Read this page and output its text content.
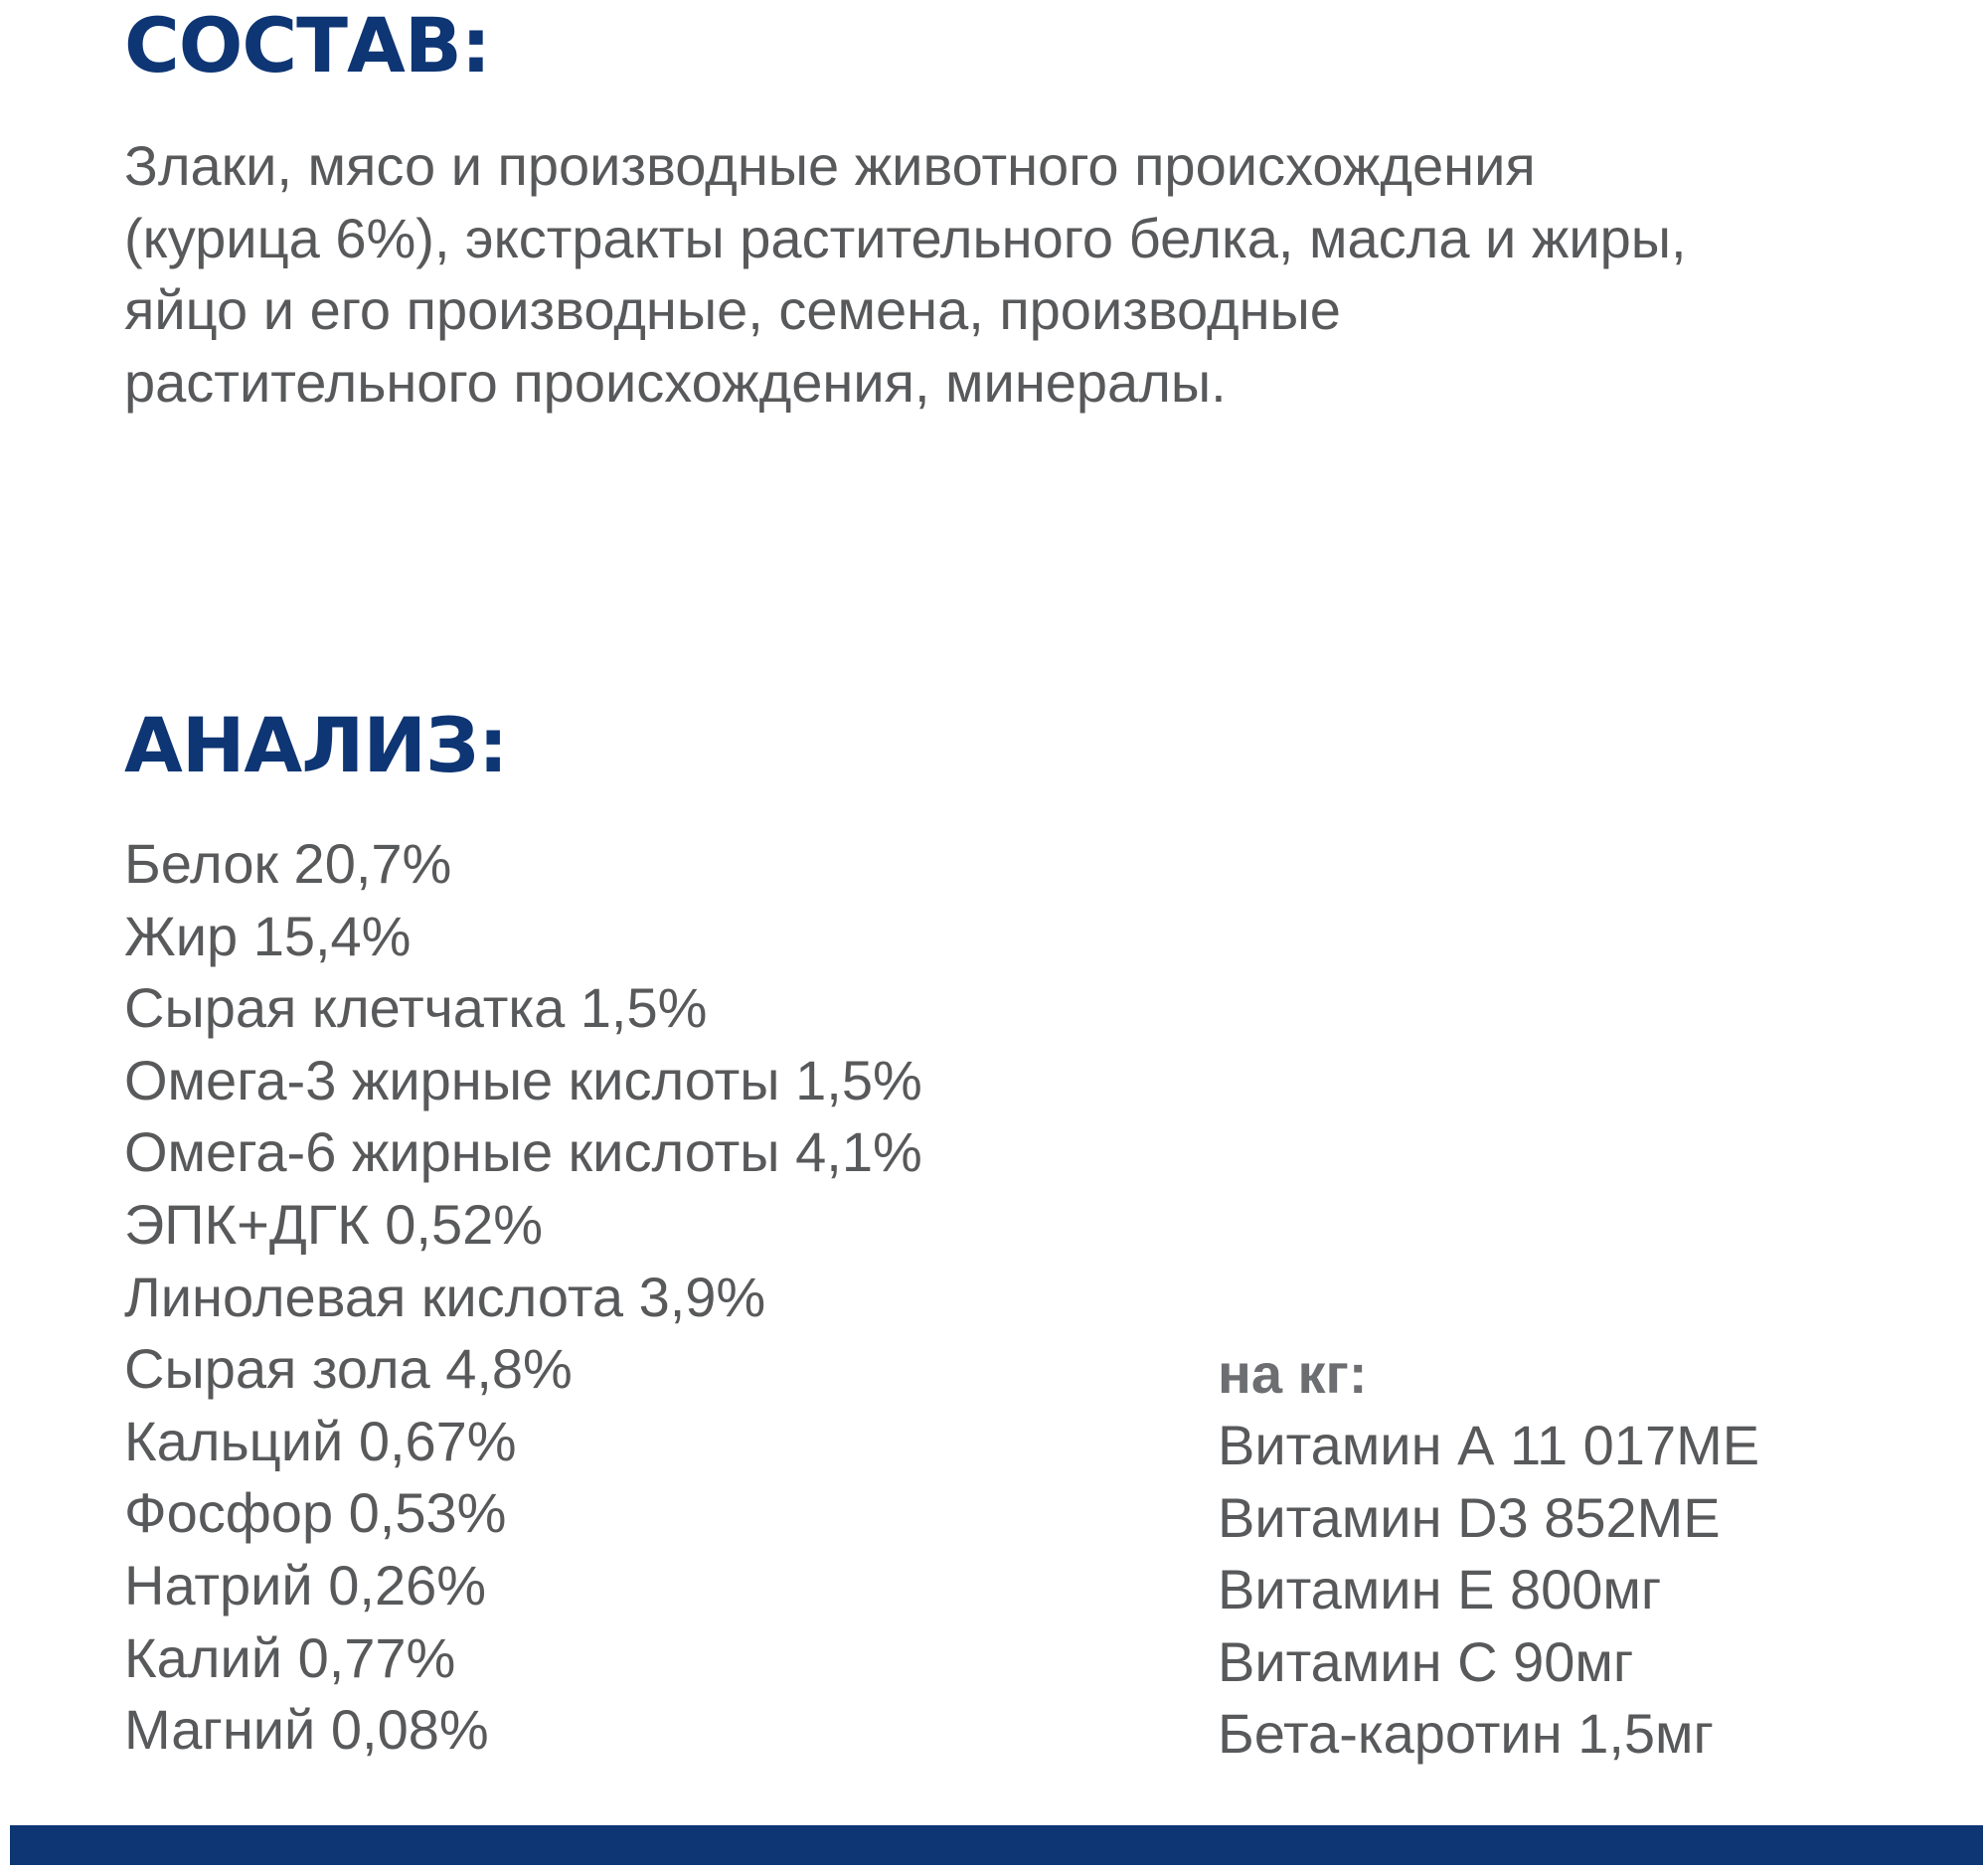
СОСТАВ:

Злаки, мясо и производные животного происхождения
(курица 6%), экстракты растительного белка, масла и жиры,
яйцо и его производные, семена, производные
растительного происхождения, минералы.

АНАЛИЗ:
Белок 20,7%
Жир 15,4%
Сырая клетчатка 1,5%
Омега-3 жирные кислоты 1,5%
Омега-6 жирные кислоты 4,1%
ЭПК+ДГК 0,52%
Линолевая кислота 3,9%
Сырая зола 4,8%
Кальций 0,67%
Фосфор 0,53%
Натрий 0,26%
Калий 0,77%
Магний 0,08%
на кг:
Витамин А 11 017МЕ
Витамин D3 852МЕ
Витамин Е 800мг
Витамин С 90мг
Бета-каротин 1,5мг
